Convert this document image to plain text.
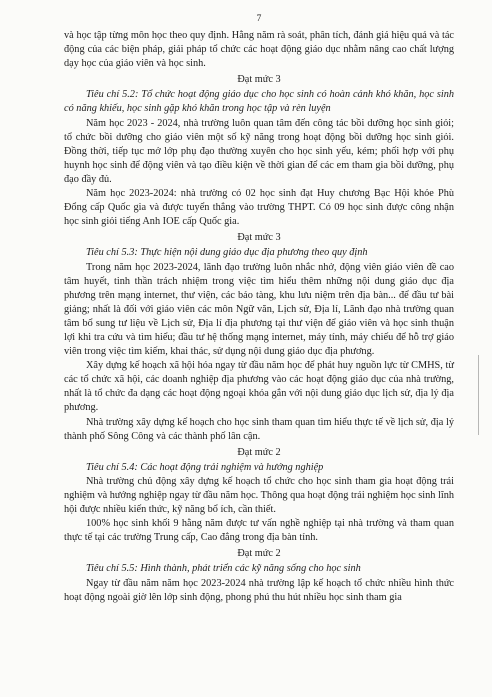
7

và học tập từng môn học theo quy định. Hằng năm rà soát, phân tích, đánh giá hiệu quả và tác động của các biện pháp, giải pháp tổ chức các hoạt động giáo dục nhằm nâng cao chất lượng dạy học của giáo viên và học sinh.

Đạt mức 3

Tiêu chí 5.2: Tổ chức hoạt động giáo dục cho học sinh có hoàn cảnh khó khăn, học sinh có năng khiếu, học sinh gặp khó khăn trong học tập và rèn luyện

Năm học 2023 - 2024, nhà trường luôn quan tâm đến công tác bồi dưỡng học sinh giỏi; tổ chức bồi dưỡng cho giáo viên một số kỹ năng trong hoạt động bồi dưỡng học sinh giỏi. Đồng thời, tiếp tục mở lớp phụ đạo thường xuyên cho học sinh yếu, kém; phối hợp với phụ huynh học sinh để động viên và tạo điều kiện về thời gian để các em tham gia bồi dưỡng, phụ đạo đầy đủ.

Năm học 2023-2024: nhà trường có 02 học sinh đạt Huy chương Bạc Hội khỏe Phù Đổng cấp Quốc gia và được tuyển thẳng vào trường THPT. Có 09 học sinh được công nhận học sinh giỏi tiếng Anh IOE cấp Quốc gia.

Đạt mức 3

Tiêu chí 5.3: Thực hiện nội dung giáo dục địa phương theo quy định

Trong năm học 2023-2024, lãnh đạo trường luôn nhắc nhở, động viên giáo viên đề cao tâm huyết, tinh thần trách nhiệm trong việc tìm hiểu thêm những nội dung giáo dục địa phương trên mạng internet, thư viện, các bảo tàng, khu lưu niệm trên địa bàn... để đầu tư bài giảng; nhất là đối với giáo viên các môn Ngữ văn, Lịch sử, Địa lí, Lãnh đạo nhà trường quan tâm bổ sung tư liệu về Lịch sử, Địa lí địa phương tại thư viện để giáo viên và học sinh thuận lợi khi tra cứu và tìm hiểu; đầu tư hệ thống mạng internet, máy tính, máy chiếu để hỗ trợ giáo viên trong việc tìm kiếm, khai thác, sử dụng nội dung giáo dục địa phương.

Xây dựng kế hoạch xã hội hóa ngay từ đầu năm học để phát huy nguồn lực từ CMHS, từ các tổ chức xã hội, các doanh nghiệp địa phương vào các hoạt động giáo dục của nhà trường, nhất là tổ chức đa dạng các hoạt động ngoại khóa gắn với nội dung giáo dục lịch sử, địa lý địa phương.

Nhà trường xây dựng kế hoạch cho học sinh tham quan tìm hiểu thực tế về lịch sử, địa lý thành phố Sông Công và các thành phố lân cận.

Đạt mức 2

Tiêu chí 5.4: Các hoạt động trải nghiệm và hướng nghiệp

Nhà trường chủ động xây dựng kế hoạch tổ chức cho học sinh tham gia hoạt động trải nghiệm và hướng nghiệp ngay từ đầu năm học. Thông qua hoạt động trải nghiệm học sinh lĩnh hội được nhiều kiến thức, kỹ năng bổ ích, cần thiết.

100% học sinh khối 9 hằng năm được tư vấn nghề nghiệp tại nhà trường và tham quan thực tế tại các trường Trung cấp, Cao đẳng trong địa bàn tỉnh.

Đạt mức 2

Tiêu chí 5.5: Hình thành, phát triển các kỹ năng sống cho học sinh

Ngay từ đầu năm năm học 2023-2024 nhà trường lập kế hoạch tổ chức nhiều hình thức hoạt động ngoài giờ lên lớp sinh động, phong phú thu hút nhiều học sinh tham gia
